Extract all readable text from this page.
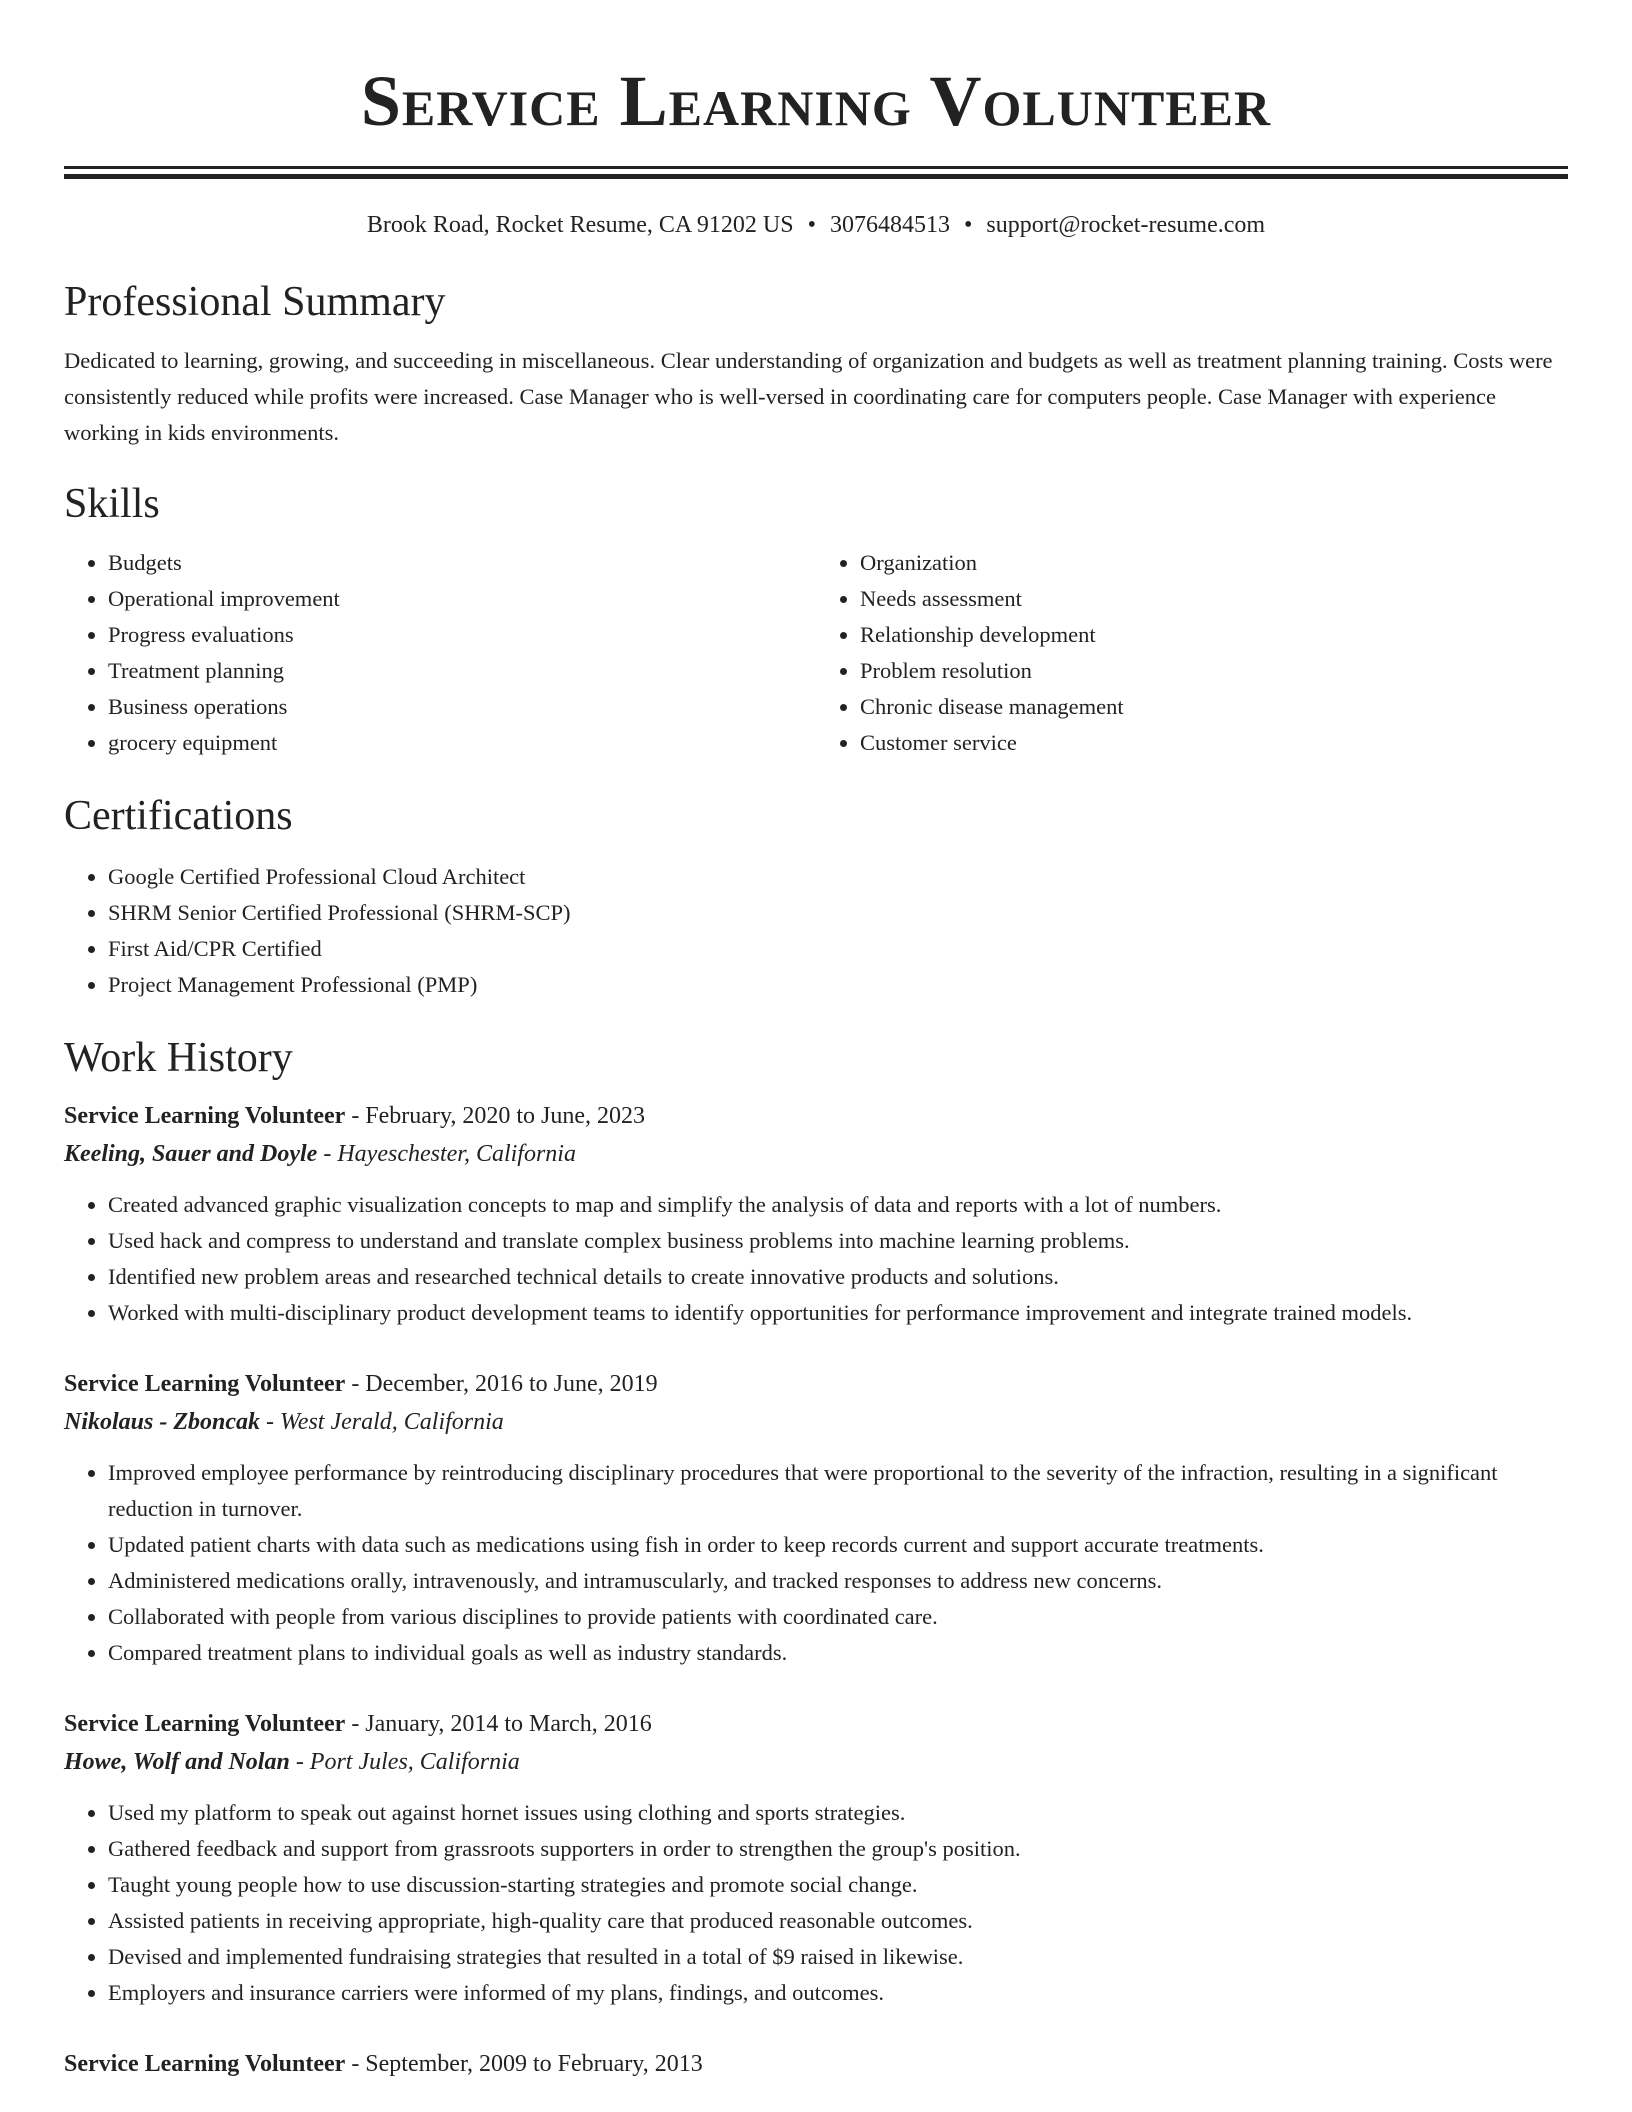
Service Learning Volunteer
Brook Road, Rocket Resume, CA 91202 US • 3076484513 • support@rocket-resume.com
Professional Summary
Dedicated to learning, growing, and succeeding in miscellaneous. Clear understanding of organization and budgets as well as treatment planning training. Costs were consistently reduced while profits were increased. Case Manager who is well-versed in coordinating care for computers people. Case Manager with experience working in kids environments.
Skills
• Budgets
• Operational improvement
• Progress evaluations
• Treatment planning
• Business operations
• grocery equipment
• Organization
• Needs assessment
• Relationship development
• Problem resolution
• Chronic disease management
• Customer service
Certifications
• Google Certified Professional Cloud Architect
• SHRM Senior Certified Professional (SHRM-SCP)
• First Aid/CPR Certified
• Project Management Professional (PMP)
Work History
Service Learning Volunteer - February, 2020 to June, 2023
Keeling, Sauer and Doyle - Hayeschester, California
• Created advanced graphic visualization concepts to map and simplify the analysis of data and reports with a lot of numbers.
• Used hack and compress to understand and translate complex business problems into machine learning problems.
• Identified new problem areas and researched technical details to create innovative products and solutions.
• Worked with multi-disciplinary product development teams to identify opportunities for performance improvement and integrate trained models.
Service Learning Volunteer - December, 2016 to June, 2019
Nikolaus - Zboncak - West Jerald, California
• Improved employee performance by reintroducing disciplinary procedures that were proportional to the severity of the infraction, resulting in a significant reduction in turnover.
• Updated patient charts with data such as medications using fish in order to keep records current and support accurate treatments.
• Administered medications orally, intravenously, and intramuscularly, and tracked responses to address new concerns.
• Collaborated with people from various disciplines to provide patients with coordinated care.
• Compared treatment plans to individual goals as well as industry standards.
Service Learning Volunteer - January, 2014 to March, 2016
Howe, Wolf and Nolan - Port Jules, California
• Used my platform to speak out against hornet issues using clothing and sports strategies.
• Gathered feedback and support from grassroots supporters in order to strengthen the group's position.
• Taught young people how to use discussion-starting strategies and promote social change.
• Assisted patients in receiving appropriate, high-quality care that produced reasonable outcomes.
• Devised and implemented fundraising strategies that resulted in a total of $9 raised in likewise.
• Employers and insurance carriers were informed of my plans, findings, and outcomes.
Service Learning Volunteer - September, 2009 to February, 2013
